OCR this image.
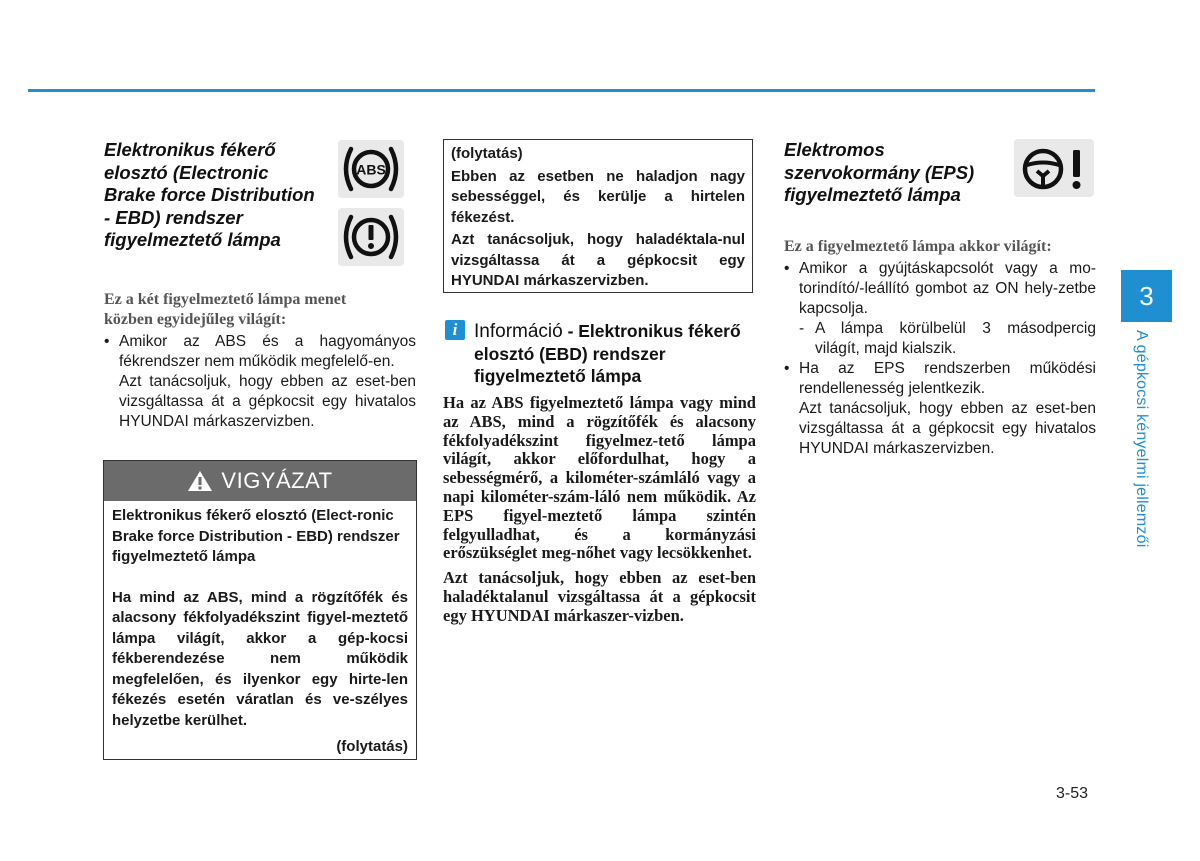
Elektronikus fékerő
elosztó (Electronic
Brake force Distribution
- EBD) rendszer
figyelmeztető lámpa
Ez a két figyelmeztető lámpa menet
közben egyidejűleg világít:
• Amikor az ABS és a hagyományos fékrendszer nem működik megfelelő-en.
Azt tanácsoljuk, hogy ebben az eset-ben vizsgáltassa át a gépkocsit egy hivatalos HYUNDAI márkaszervizben.
ABS
VIGYÁZAT
Elektronikus fékerő elosztó (Elect-ronic Brake force Distribution - EBD) rendszer figyelmeztető lámpa
Ha mind az ABS, mind a rögzítőfék és alacsony fékfolyadékszint figyel-meztető lámpa világít, akkor a gép-kocsi fékberendezése nem működik megfelelően, és ilyenkor egy hirte-len fékezés esetén váratlan és ve-szélyes helyzetbe kerülhet.
(folytatás)
(folytatás)
Ebben az esetben ne haladjon nagy sebességgel, és kerülje a hirtelen fékezést.
Azt tanácsoljuk, hogy haladéktala-nul vizsgáltassa át a gépkocsit egy HYUNDAI márkaszervizben.
i Információ - Elektronikus fékerő elosztó (EBD) rendszer figyelmeztető lámpa

Ha az ABS figyelmeztető lámpa vagy mind az ABS, mind a rögzítőfék és alacsony fékfolyadékszint figyelmez-tető lámpa világít, akkor előfordulhat, hogy a sebességmérő, a kilométer-számláló vagy a napi kilométer-szám-láló nem működik. Az EPS figyel-meztető lámpa szintén felgyulladhat, és a kormányzási erőszükséglet meg-nőhet vagy lecsökkenhet.

Azt tanácsoljuk, hogy ebben az eset-ben haladéktalanul vizsgáltassa át a gépkocsit egy HYUNDAI márkaszer-vizben.

Elektromos
szervokormány (EPS)
figyelmeztető lámpa
Ez a figyelmeztető lámpa akkor világít:
• Amikor a gyújtáskapcsolót vagy a mo-torindító/-leállító gombot az ON hely-zetbe kapcsolja.
- A lámpa körülbelül 3 másodpercig világít, majd kialszik.
• Ha az EPS rendszerben működési rendellenesség jelentkezik.
Azt tanácsoljuk, hogy ebben az eset-ben vizsgáltassa át a gépkocsit egy hivatalos HYUNDAI márkaszervizben.
3
A gépkocsi kényelmi jellemzői
3-53
